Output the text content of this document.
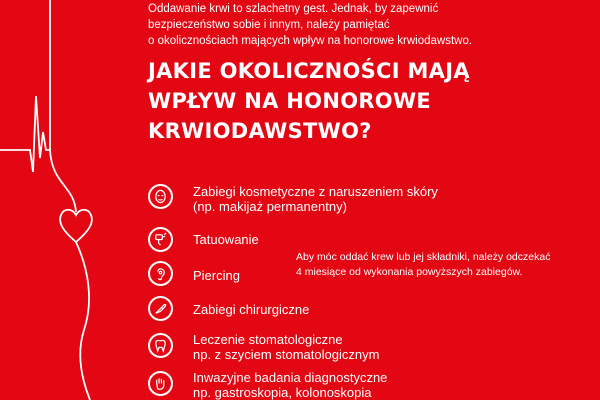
Oddawanie krwi to szlachetny gest. Jednak, by zapewnić
bezpieczeństwo sobie i innym, należy pamiętać
o okolicznościach mających wpływ na honorowe krwiodawstwo.
JAKIE OKOLICZNOŚCI MAJĄ
WPŁYW NA HONOROWE
KRWIODAWSTWO?
Zabiegi kosmetyczne z naruszeniem skóry
(np. makijaż permanentny)
Tatuowanie
Piercing
Zabiegi chirurgiczne
Leczenie stomatologiczne
np. z szyciem stomatologicznym
Inwazyjne badania diagnostyczne
np. gastroskopia, kolonoskopia
Aby móc oddać krew lub jej składniki, należy odczekać
4 miesiące od wykonania powyższych zabiegów.
